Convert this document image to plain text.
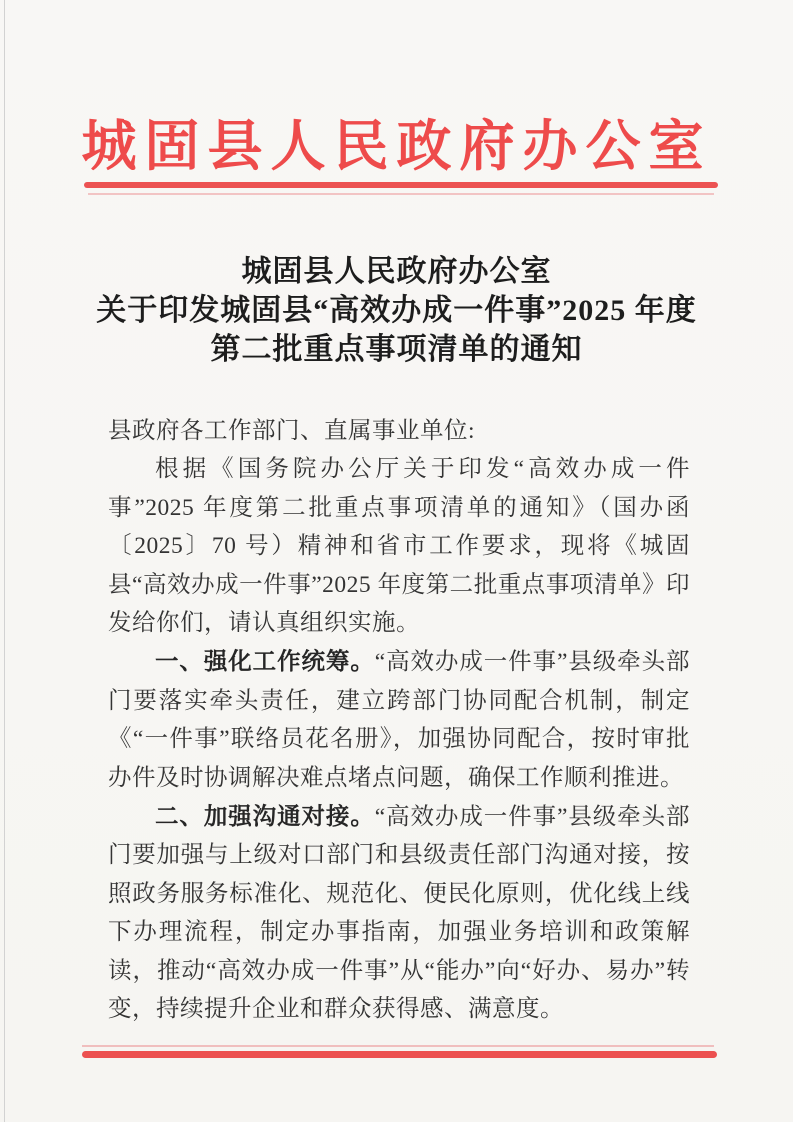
城固县人民政府办公室
城固县人民政府办公室
关于印发城固县“高效办成一件事”2025 年度
第二批重点事项清单的通知

县政府各工作部门、直属事业单位:

根据《国务院办公厅关于印发“高效办成一件事”2025 年度第二批重点事项清单的通知》（国办函〔2025〕70 号）精神和省市工作要求，现将《城固县“高效办成一件事”2025 年度第二批重点事项清单》印发给你们，请认真组织实施。

一、强化工作统筹。“高效办成一件事”县级牵头部门要落实牵头责任，建立跨部门协同配合机制，制定《“一件事”联络员花名册》，加强协同配合，按时审批办件及时协调解决难点堵点问题，确保工作顺利推进。

二、加强沟通对接。“高效办成一件事”县级牵头部门要加强与上级对口部门和县级责任部门沟通对接，按照政务服务标准化、规范化、便民化原则，优化线上线下办理流程，制定办事指南，加强业务培训和政策解读，推动“高效办成一件事”从“能办”向“好办、易办”转变，持续提升企业和群众获得感、满意度。
